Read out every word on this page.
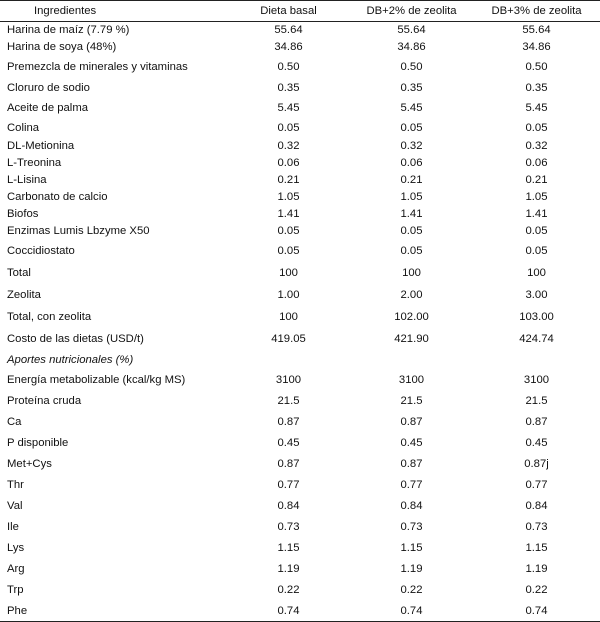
Ingredientes	Dieta basal	DB+2% de zeolita	DB+3% de zeolita
Harina de maíz (7.79 %)	55.64	55.64	55.64
Harina de soya (48%)	34.86	34.86	34.86
Premezcla de minerales y vitaminas	0.50	0.50	0.50
Cloruro de sodio	0.35	0.35	0.35
Aceite de palma	5.45	5.45	5.45
Colina	0.05	0.05	0.05
DL-Metionina	0.32	0.32	0.32
L-Treonina	0.06	0.06	0.06
L-Lisina	0.21	0.21	0.21
Carbonato de calcio	1.05	1.05	1.05
Biofos	1.41	1.41	1.41
Enzimas Lumis Lbzyme X50	0.05	0.05	0.05
Coccidiostato	0.05	0.05	0.05
Total	100	100	100
Zeolita	1.00	2.00	3.00
Total, con zeolita	100	102.00	103.00
Costo de las dietas (USD/t)	419.05	421.90	424.74
Aportes nutricionales (%)			
Energía metabolizable (kcal/kg MS)	3100	3100	3100
Proteína cruda	21.5	21.5	21.5
Ca	0.87	0.87	0.87
P disponible	0.45	0.45	0.45
Met+Cys	0.87	0.87	0.87j
Thr	0.77	0.77	0.77
Val	0.84	0.84	0.84
Ile	0.73	0.73	0.73
Lys	1.15	1.15	1.15
Arg	1.19	1.19	1.19
Trp	0.22	0.22	0.22
Phe	0.74	0.74	0.74
